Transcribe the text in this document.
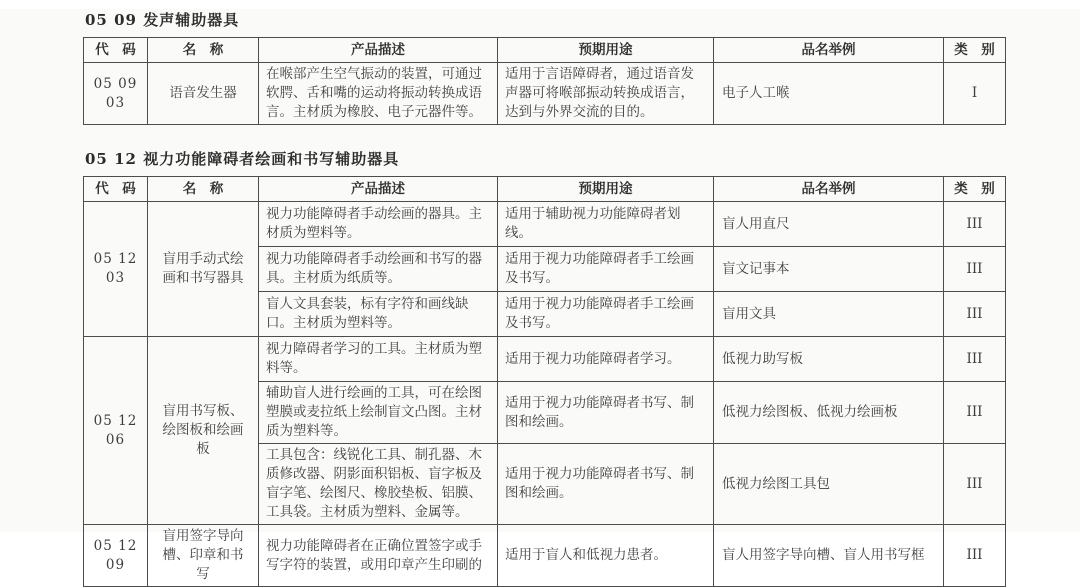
05 09 发声辅助器具
代　码	名　称	产品描述	预期用途	品名举例	类　别
05 09 03	语音发生器	在喉部产生空气振动的装置，可通过软腭、舌和嘴的运动将振动转换成语言。主材质为橡胶、电子元器件等。	适用于言语障碍者，通过语音发声器可将喉部振动转换成语言，达到与外界交流的目的。	电子人工喉	I
05 12 视力功能障碍者绘画和书写辅助器具
代　码	名　称	产品描述	预期用途	品名举例	类　别
05 12 03	盲用手动式绘画和书写器具	视力功能障碍者手动绘画的器具。主材质为塑料等。	适用于辅助视力功能障碍者划线。	盲人用直尺	III
		视力功能障碍者手动绘画和书写的器具。主材质为纸质等。	适用于视力功能障碍者手工绘画及书写。	盲文记事本	III
		盲人文具套装，标有字符和画线缺口。主材质为塑料等。	适用于视力功能障碍者手工绘画及书写。	盲用文具	III
05 12 06	盲用书写板、绘图板和绘画板	视力障碍者学习的工具。主材质为塑料等。	适用于视力功能障碍者学习。	低视力助写板	III
		辅助盲人进行绘画的工具，可在绘图塑膜或麦拉纸上绘制盲文凸图。主材质为塑料等。	适用于视力功能障碍者书写、制图和绘画。	低视力绘图板、低视力绘画板	III
		工具包含：线锐化工具、制孔器、木质修改器、阴影面积铝板、盲字板及盲字笔、绘图尺、橡胶垫板、铝膜、工具袋。主材质为塑料、金属等。	适用于视力功能障碍者书写、制图和绘画。	低视力绘图工具包	III
05 12 09	盲用签字导向槽、印章和书写	视力功能障碍者在正确位置签字或手写字符的装置，或用印章产生印刷的	适用于盲人和低视力患者。	盲人用签字导向槽、盲人用书写框	III
